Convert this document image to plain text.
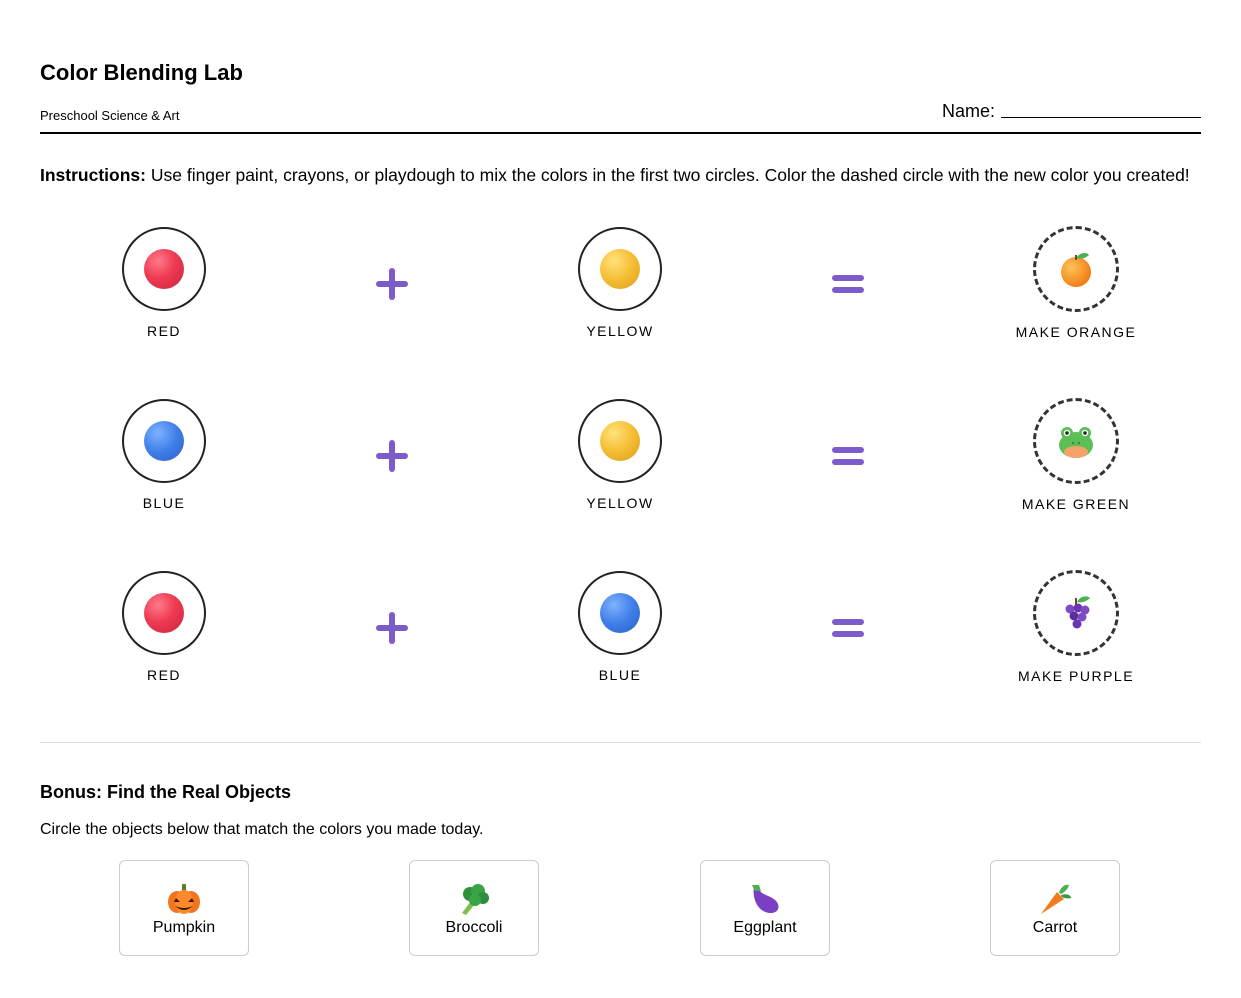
Color Blending Lab
Preschool Science & Art	Name:
Instructions: Use finger paint, crayons, or playdough to mix the colors in the first two circles. Color the dashed circle with the new color you created!
RED	YELLOW	MAKE ORANGE
BLUE	YELLOW	MAKE GREEN
RED	BLUE	MAKE PURPLE
Bonus: Find the Real Objects
Circle the objects below that match the colors you made today.
Pumpkin	Broccoli	Eggplant	Carrot
